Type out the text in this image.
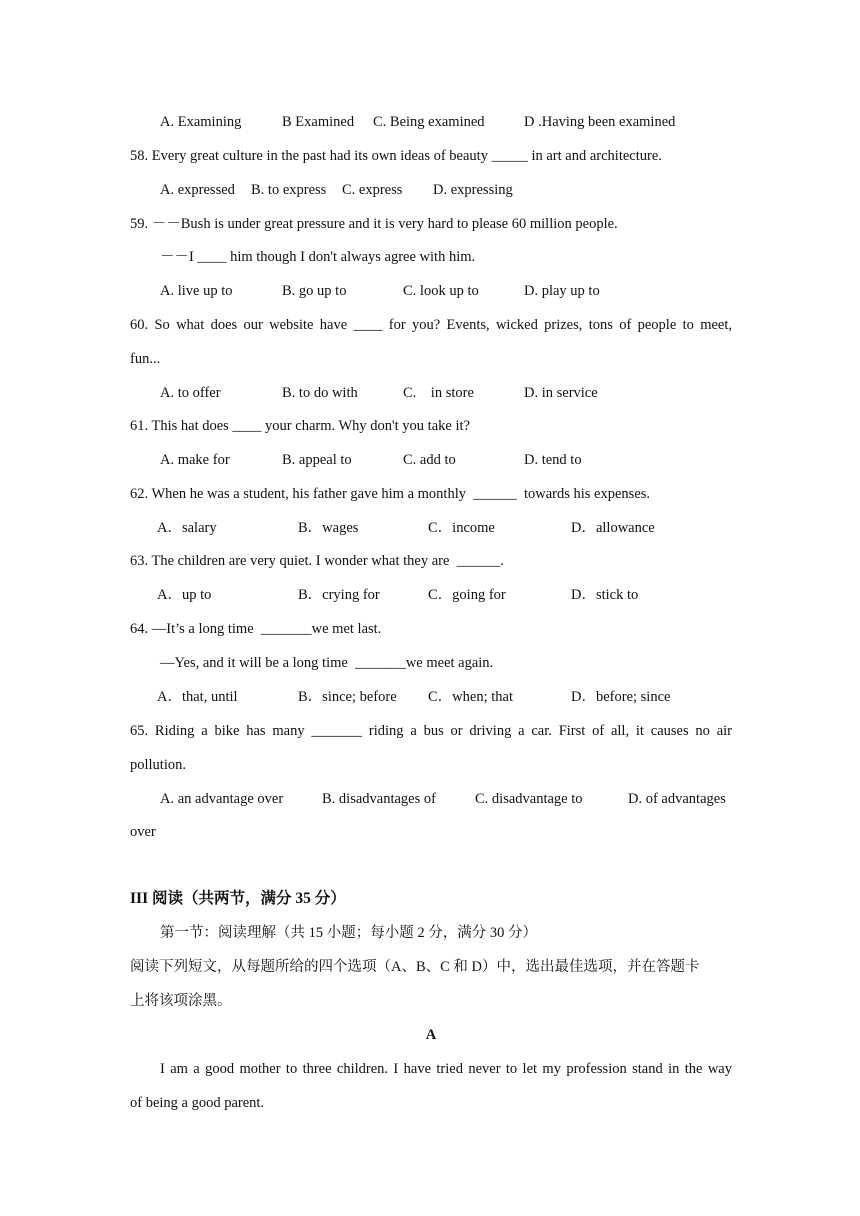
A. Examining	B Examined C. Being examined	D .Having been examined
58. Every great culture in the past had its own ideas of beauty _____ in art and architecture.
A. expressed B. to express C. express D. expressing
59. －－Bush is under great pressure and it is very hard to please 60 million people.
－－I ____ him though I don't always agree with him.
A. live up to	B. go up to	C. look up to	D. play up to
60. So what does our website have ____ for you? Events, wicked prizes, tons of people to meet,
fun...
A. to offer	B. to do with	C.    in store	D. in service
61. This hat does ____ your charm. Why don't you take it?
A. make for	B. appeal to	C. add to	D. tend to
62. When he was a student, his father gave him a monthly  ______  towards his expenses.
A．salary	B．wages	C．income	D．allowance
63. The children are very quiet. I wonder what they are  ______.
A．up to	B．crying for	C．going for	D．stick to
64. —It’s a long time  _______we met last.
—Yes, and it will be a long time  _______we meet again.
A．that, until	B．since; before C．when; that	D．before; since
65. Riding a bike has many _______ riding a bus or driving a car. First of all, it causes no air
pollution.
A. an advantage over	B. disadvantages of	C. disadvantage to	D. of advantages
over
III 阅读（共两节，满分 35 分）
第一节：阅读理解（共 15 小题；每小题 2 分，满分 30 分）
阅读下列短文，从每题所给的四个选项（A、B、C 和 D）中，选出最佳选项，并在答题卡
上将该项涂黑。
A
I am a good mother to three children. I have tried never to let my profession stand in the way
of being a good parent.
